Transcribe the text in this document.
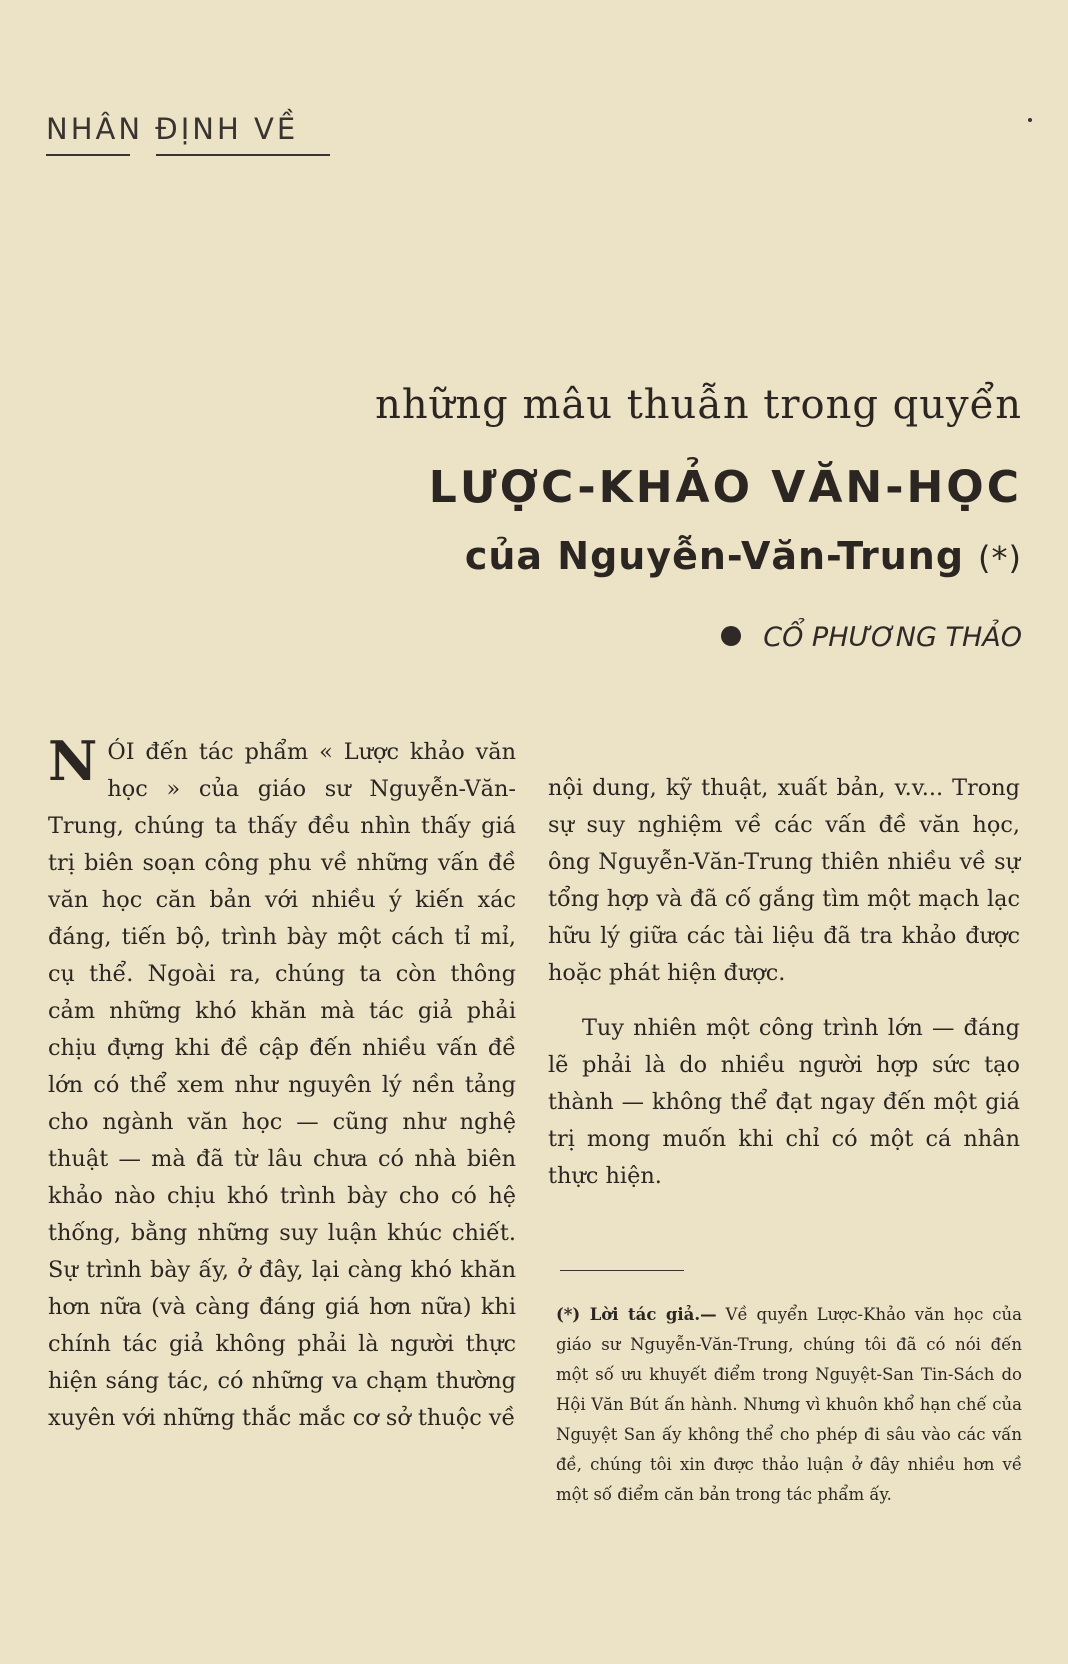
NHÂN ĐỊNH VỀ
những mâu thuẫn trong quyển
LƯỢC-KHẢO VĂN-HỌC
của Nguyễn-Văn-Trung (*)
CỔ PHƯƠNG THẢO

NÓI đến tác phẩm « Lược khảo văn học » của giáo sư Nguyễn-Văn-Trung, chúng ta thấy đều nhìn thấy giá trị biên soạn công phu về những vấn đề văn học căn bản với nhiều ý kiến xác đáng, tiến bộ, trình bày một cách tỉ mỉ, cụ thể. Ngoài ra, chúng ta còn thông cảm những khó khăn mà tác giả phải chịu đựng khi đề cập đến nhiều vấn đề lớn có thể xem như nguyên lý nền tảng cho ngành văn học — cũng như nghệ thuật — mà đã từ lâu chưa có nhà biên khảo nào chịu khó trình bày cho có hệ thống, bằng những suy luận khúc chiết. Sự trình bày ấy, ở đây, lại càng khó khăn hơn nữa (và càng đáng giá hơn nữa) khi chính tác giả không phải là người thực hiện sáng tác, có những va chạm thường xuyên với những thắc mắc cơ sở thuộc về

nội dung, kỹ thuật, xuất bản, v.v... Trong sự suy nghiệm về các vấn đề văn học, ông Nguyễn-Văn-Trung thiên nhiều về sự tổng hợp và đã cố gắng tìm một mạch lạc hữu lý giữa các tài liệu đã tra khảo được hoặc phát hiện được.

Tuy nhiên một công trình lớn — đáng lẽ phải là do nhiều người hợp sức tạo thành — không thể đạt ngay đến một giá trị mong muốn khi chỉ có một cá nhân thực hiện.

(*) Lời tác giả.— Về quyển Lược-Khảo văn học của giáo sư Nguyễn-Văn-Trung, chúng tôi đã có nói đến một số ưu khuyết điểm trong Nguyệt-San Tin-Sách do Hội Văn Bút ấn hành. Nhưng vì khuôn khổ hạn chế của Nguyệt San ấy không thể cho phép đi sâu vào các vấn đề, chúng tôi xin được thảo luận ở đây nhiều hơn về một số điểm căn bản trong tác phẩm ấy.
